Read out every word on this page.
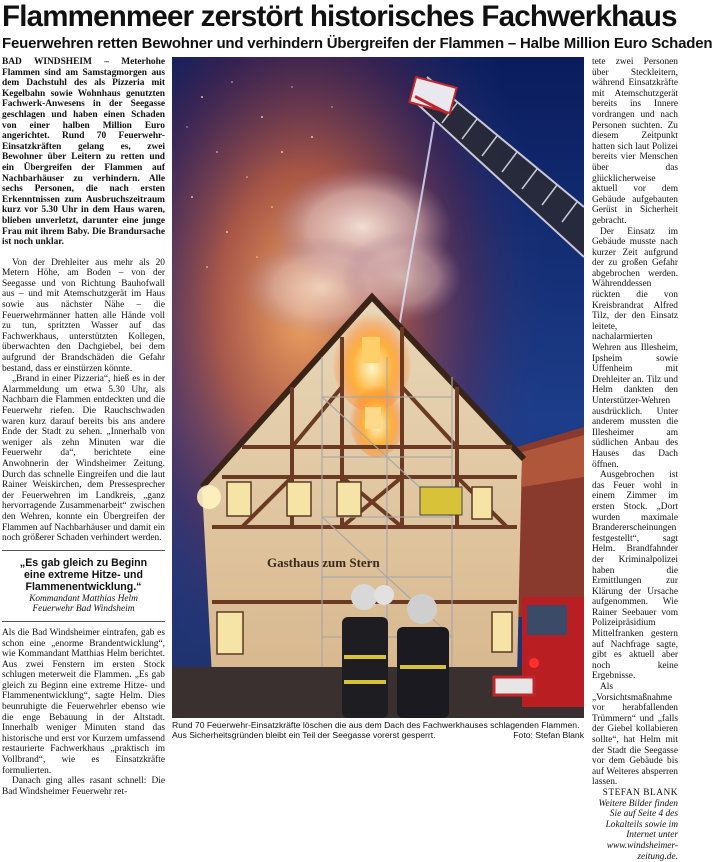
Flammenmeer zerstört historisches Fachwerkhaus
Feuerwehren retten Bewohner und verhindern Übergreifen der Flammen – Halbe Million Euro Schaden

BAD WINDSHEIM – Meterhohe Flammen sind am Samstagmorgen aus dem Dachstuhl des als Pizzeria mit Kegelbahn sowie Wohnhaus genutzten Fachwerk-Anwesens in der Seegasse geschlagen und haben einen Schaden von einer halben Million Euro angerichtet. Rund 70 Feuerwehr-Einsatzkräften gelang es, zwei Bewohner über Leitern zu retten und ein Übergreifen der Flammen auf Nachbarhäuser zu verhindern. Alle sechs Personen, die nach ersten Erkenntnissen zum Ausbruchszeitraum kurz vor 5.30 Uhr in dem Haus waren, blieben unverletzt, darunter eine junge Frau mit ihrem Baby. Die Brandursache ist noch unklar.

Von der Drehleiter aus mehr als 20 Metern Höhe, am Boden – von der Seegasse und von Richtung Bauhofwall aus – und mit Atemschutzgerät im Haus sowie aus nächster Nähe – die Feuerwehrmänner hatten alle Hände voll zu tun, spritzten Wasser auf das Fachwerkhaus, unterstützten Kollegen, überwachten den Dachgiebel, bei dem aufgrund der Brandschäden die Gefahr bestand, dass er einstürzen könnte.

„Brand in einer Pizzeria“, hieß es in der Alarmmeldung um etwa 5.30 Uhr, als Nachbarn die Flammen entdeckten und die Feuerwehr riefen. Die Rauchschwaden waren kurz darauf bereits bis ans andere Ende der Stadt zu sehen. „Innerhalb von weniger als zehn Minuten war die Feuerwehr da“, berichtete eine Anwohnerin der Windsheimer Zeitung. Durch das schnelle Eingreifen und die laut Rainer Weiskirchen, dem Pressesprecher der Feuerwehren im Landkreis, „ganz hervorragende Zusammenarbeit“ zwischen den Wehren, konnte ein Übergreifen der Flammen auf Nachbarhäuser und damit ein noch größerer Schaden verhindert werden.

„Es gab gleich zu Beginn eine extreme Hitze- und Flammenentwicklung.“
Kommandant Matthias Helm Feuerwehr Bad Windsheim

Als die Bad Windsheimer eintrafen, gab es schon eine „enorme Brandentwicklung“, wie Kommandant Matthias Helm berichtet. Aus zwei Fenstern im ersten Stock schlugen meterweit die Flammen. „Es gab gleich zu Beginn eine extreme Hitze- und Flammenentwicklung“, sagte Helm. Dies beunruhigte die Feuerwehrler ebenso wie die enge Bebauung in der Altstadt. Innerhalb weniger Minuten stand das historische und erst vor Kurzem umfassend restaurierte Fachwerkhaus „praktisch im Vollbrand“, wie es Einsatzkräfte formulierten.

Danach ging alles rasant schnell: Die Bad Windsheimer Feuerwehr ret-

Gasthaus zum Stern
Rund 70 Feuerwehr-Einsatzkräfte löschen die aus dem Dach des Fachwerkhauses schlagenden Flammen.
Aus Sicherheitsgründen bleibt ein Teil der Seegasse vorerst gesperrt.	Foto: Stefan Blank

tete zwei Personen über Steckleitern, während Einsatzkräfte mit Atemschutzgerät bereits ins Innere vordrangen und nach Personen suchten. Zu diesem Zeitpunkt hatten sich laut Polizei bereits vier Menschen über das glücklicherweise aktuell vor dem Gebäude aufgebauten Gerüst in Sicherheit gebracht.

Der Einsatz im Gebäude musste nach kurzer Zeit aufgrund der zu großen Gefahr abgebrochen werden. Währenddessen rückten die von Kreisbrandrat Alfred Tilz, der den Einsatz leitete, nachalarmierten Wehren aus Illesheim, Ipsheim sowie Uffenheim mit Drehleiter an. Tilz und Helm dankten den Unterstützer-Wehren ausdrücklich. Unter anderem mussten die Illesheimer am südlichen Anbau des Hauses das Dach öffnen.

Ausgebrochen ist das Feuer wohl in einem Zimmer im ersten Stock. „Dort wurden maximale Brandererscheinungen festgestellt“, sagt Helm. Brandfahnder der Kriminalpolizei haben die Ermittlungen zur Klärung der Ursache aufgenommen. Wie Rainer Seebauer vom Polizeipräsidium Mittelfranken gestern auf Nachfrage sagte, gibt es aktuell aber noch keine Ergebnisse.

Als „Vorsichtsmaßnahme vor herabfallenden Trümmern“ und „falls der Giebel kollabieren sollte“, hat Helm mit der Stadt die Seegasse vor dem Gebäude bis auf Weiteres absperren lassen.

STEFAN BLANK

Weitere Bilder finden Sie auf Seite 4 des Lokalteils sowie im Internet unter www.windsheimer-zeitung.de.
